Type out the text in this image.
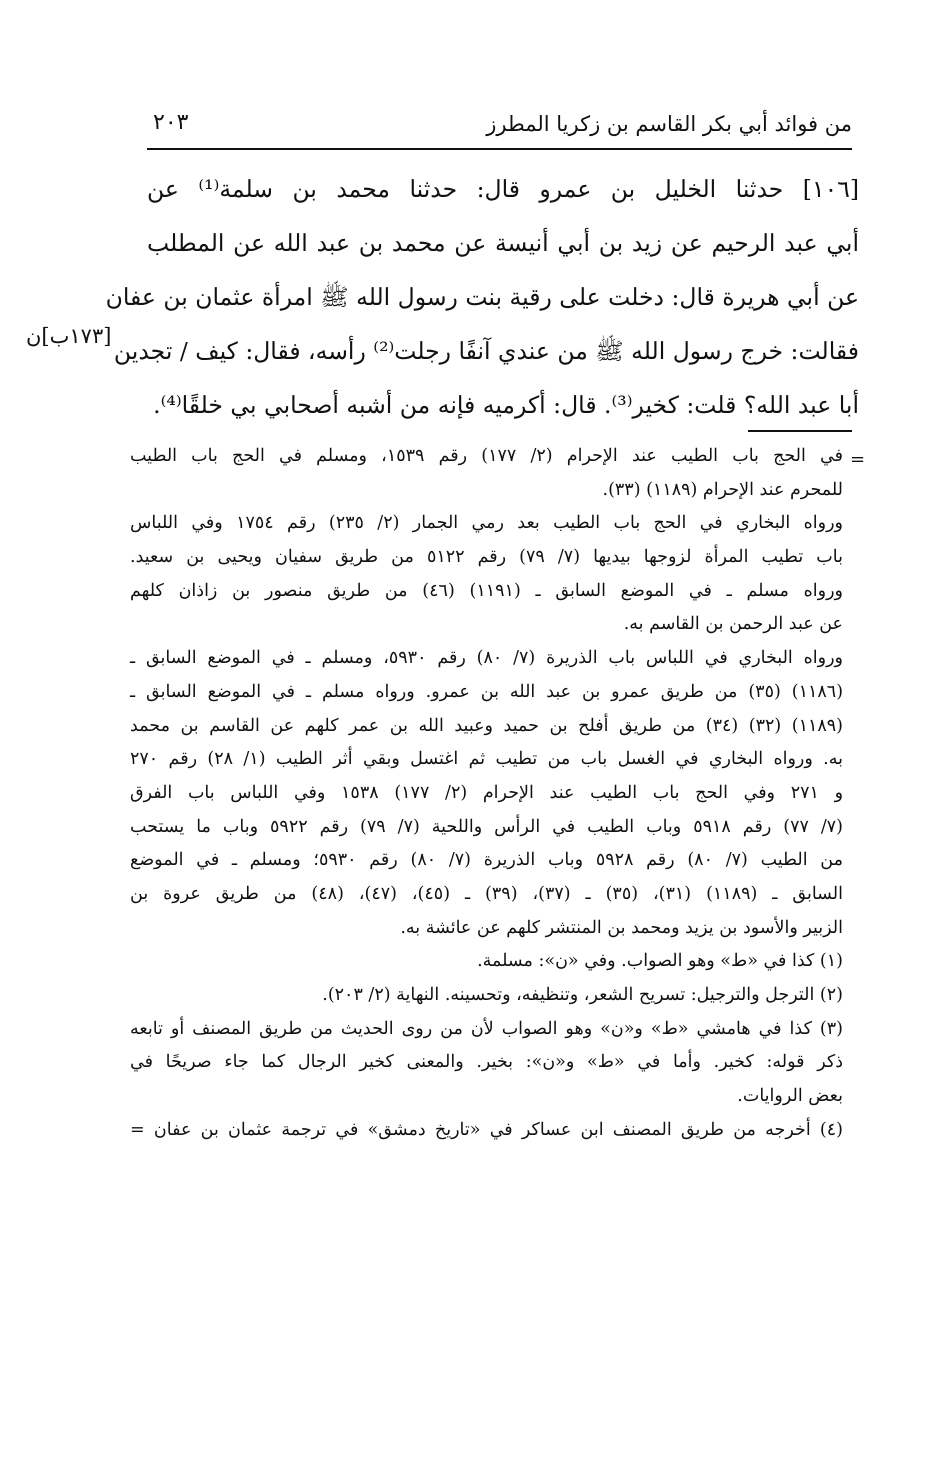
من فوائد أبي بكر القاسم بن زكريا المطرز
٢٠٣
[١٠٦] حدثنا الخليل بن عمرو قال: حدثنا محمد بن سلمة⁽¹⁾ عن
أبي عبد الرحيم عن زيد بن أبي أنيسة عن محمد بن عبد الله عن المطلب
عن أبي هريرة قال: دخلت على رقية بنت رسول الله ﷺ امرأة عثمان بن عفان
فقالت: خرج رسول الله ﷺ من عندي آنفًا رجلت⁽²⁾ رأسه، فقال: كيف / تجدين
أبا عبد الله؟ قلت: كخير⁽³⁾. قال: أكرميه فإنه من أشبه أصحابي بي خلقًا⁽⁴⁾.
[١٧٣ب]ن
=
في الحج باب الطيب عند الإحرام (٢/ ١٧٧) رقم ١٥٣٩، ومسلم في الحج باب الطيب
للمحرم عند الإحرام (١١٨٩) (٣٣).
ورواه البخاري في الحج باب الطيب بعد رمي الجمار (٢/ ٢٣٥) رقم ١٧٥٤ وفي اللباس
باب تطيب المرأة لزوجها بيديها (٧/ ٧٩) رقم ٥١٢٢ من طريق سفيان ويحيى بن سعيد.
ورواه مسلم ـ في الموضع السابق ـ (١١٩١) (٤٦) من طريق منصور بن زاذان كلهم
عن عبد الرحمن بن القاسم به.
ورواه البخاري في اللباس باب الذريرة (٧/ ٨٠) رقم ٥٩٣٠، ومسلم ـ في الموضع السابق ـ
(١١٨٦) (٣٥) من طريق عمرو بن عبد الله بن عمرو. ورواه مسلم ـ في الموضع السابق ـ
(١١٨٩) (٣٢) (٣٤) من طريق أفلح بن حميد وعبيد الله بن عمر كلهم عن القاسم بن محمد
به. ورواه البخاري في الغسل باب من تطيب ثم اغتسل وبقي أثر الطيب (١/ ٢٨) رقم ٢٧٠
و ٢٧١ وفي الحج باب الطيب عند الإحرام (٢/ ١٧٧) ١٥٣٨ وفي اللباس باب الفرق
(٧/ ٧٧) رقم ٥٩١٨ وباب الطيب في الرأس واللحية (٧/ ٧٩) رقم ٥٩٢٢ وباب ما يستحب
من الطيب (٧/ ٨٠) رقم ٥٩٢٨ وباب الذريرة (٧/ ٨٠) رقم ٥٩٣٠؛ ومسلم ـ في الموضع
السابق ـ (١١٨٩) (٣١)، (٣٥) ـ (٣٧)، (٣٩) ـ (٤٥)، (٤٧)، (٤٨) من طريق عروة بن
الزبير والأسود بن يزيد ومحمد بن المنتشر كلهم عن عائشة به.
(١) كذا في «ط» وهو الصواب. وفي «ن»: مسلمة.
(٢) الترجل والترجيل: تسريح الشعر، وتنظيفه، وتحسينه. النهاية (٢/ ٢٠٣).
(٣) كذا في هامشي «ط» و«ن» وهو الصواب لأن من روى الحديث من طريق المصنف أو تابعه
ذكر قوله: كخير. وأما في «ط» و«ن»: بخير. والمعنى كخير الرجال كما جاء صريحًا في
بعض الروايات.
(٤) أخرجه من طريق المصنف ابن عساكر في «تاريخ دمشق» في ترجمة عثمان بن عفان =
